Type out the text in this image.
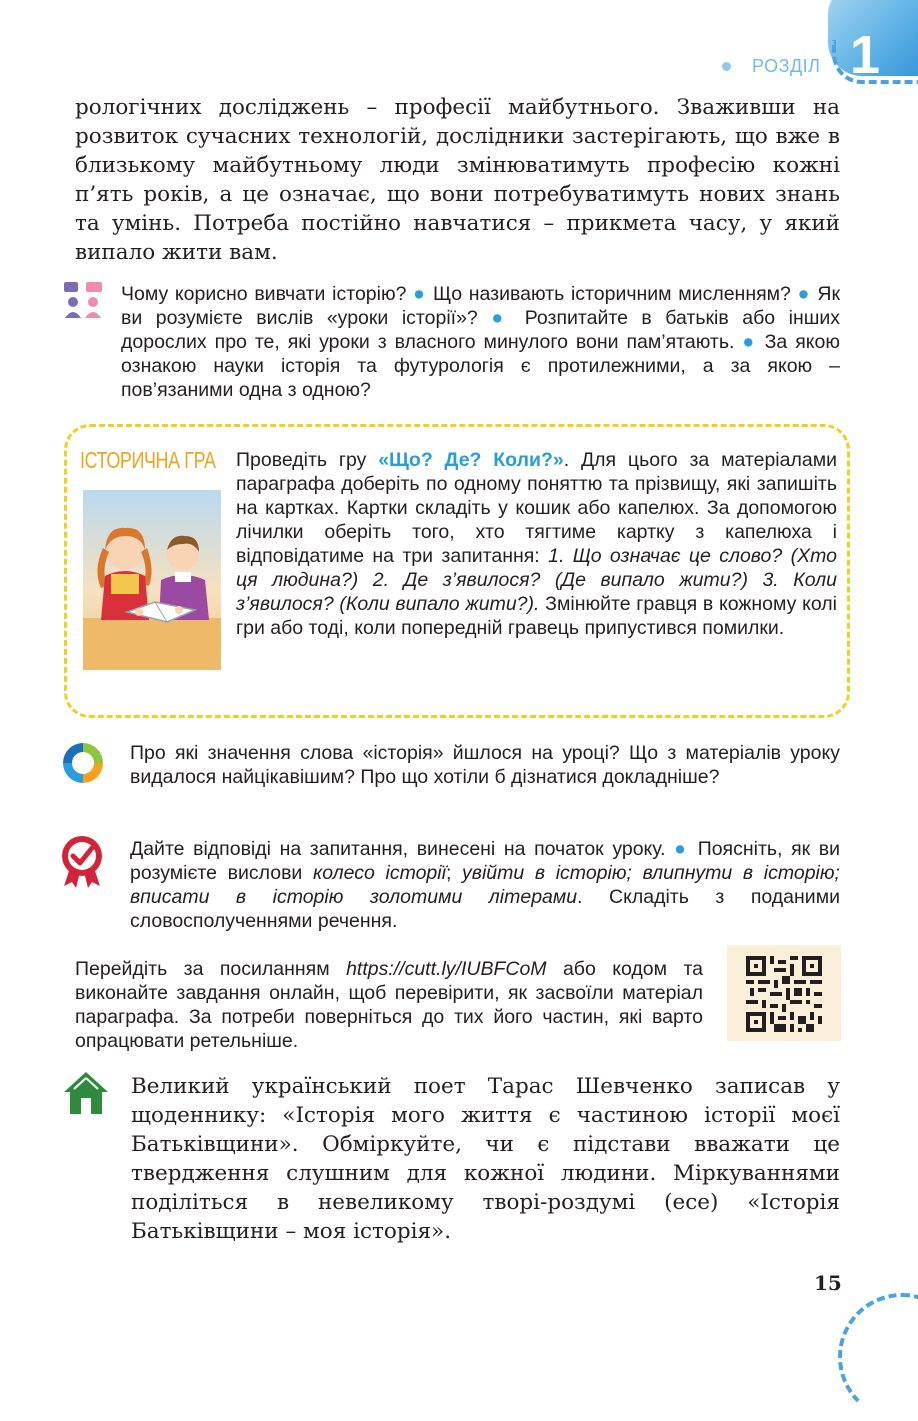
1
РОЗДІЛ

рологічних досліджень – професії майбутнього. Зваживши на розвиток сучасних технологій, дослідники застерігають, що вже в близькому майбутньому люди змінюватимуть професію кожні п’ять років, а це означає, що вони потребуватимуть нових знань та умінь. Потреба постійно навчатися – прикмета часу, у який випало жити вам.

Чому корисно вивчати історію? ● Що називають історичним мисленням? ● Як ви розумієте вислів «уроки історії»? ● Розпитайте в батьків або інших дорослих про те, які уроки з власного минулого вони пам’ятають. ● За якою ознакою науки історія та футурологія є протилежними, а за якою – пов’язаними одна з одною?

ІСТОРИЧНА ГРА Проведіть гру «Що? Де? Коли?». Для цього за матеріалами параграфа доберіть по одному поняттю та прізвищу, які запишіть на картках. Картки складіть у кошик або капелюх. За допомогою лічилки оберіть того, хто тягтиме картку з капелюха і відповідатиме на три запитання: 1. Що означає це слово? (Хто ця людина?) 2. Де з’явилося? (Де випало жити?) 3. Коли з’явилося? (Коли випало жити?). Змінюйте гравця в кожному колі гри або тоді, коли попередній гравець припустився помилки.

Про які значення слова «історія» йшлося на уроці? Що з матеріалів уроку видалося найцікавішим? Про що хотіли б дізнатися докладніше?

Дайте відповіді на запитання, винесені на початок уроку. ● Поясніть, як ви розумієте вислови колесо історії; увійти в історію; влипнути в історію; вписати в історію золотими літерами. Складіть з поданими словосполученнями речення.

Перейдіть за посиланням https://cutt.ly/IUBFCoM або кодом та виконайте завдання онлайн, щоб перевірити, як засвоїли матеріал параграфа. За потреби поверніться до тих його частин, які варто опрацювати ретельніше.

Великий український поет Тарас Шевченко записав у щоденнику: «Історія мого життя є частиною історії моєї Батьківщини». Обміркуйте, чи є підстави вважати це твердження слушним для кожної людини. Міркуваннями поділіться в невеликому творі-роздумі (есе) «Історія Батьківщини – моя історія».

15
